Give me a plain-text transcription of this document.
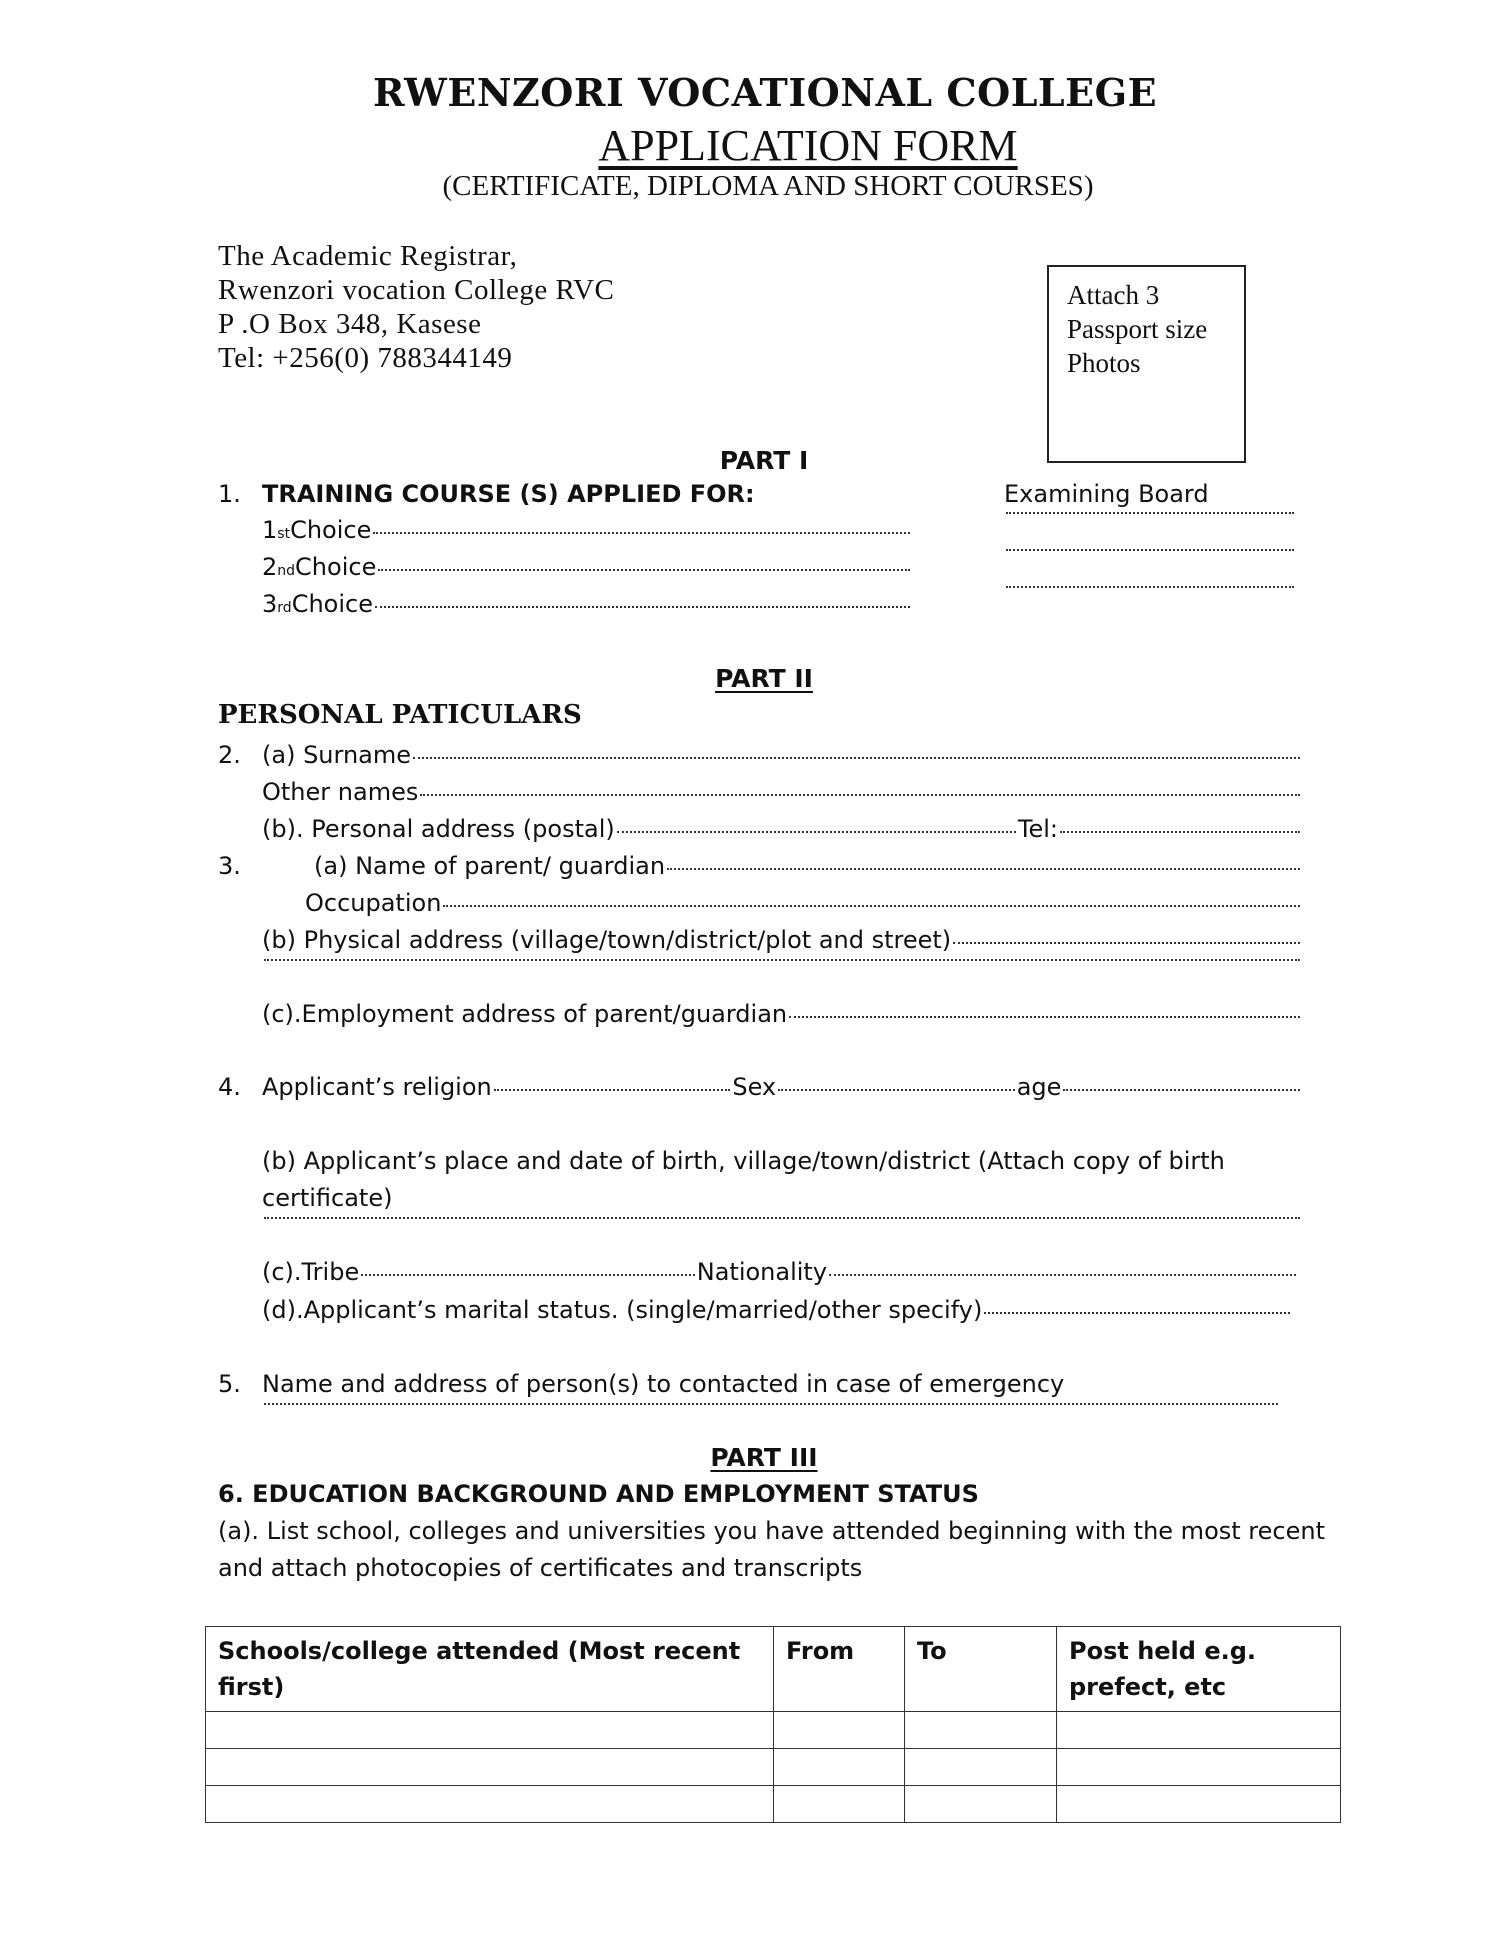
RWENZORI VOCATIONAL COLLEGE
APPLICATION FORM
(CERTIFICATE, DIPLOMA AND SHORT COURSES)
The Academic Registrar,
Rwenzori vocation College RVC
P .O Box 348, Kasese
Tel: +256(0) 788344149
Attach 3
Passport size
Photos
PART I
1. TRAINING COURSE (S) APPLIED FOR:	Examining Board
1 st Choice
2 nd Choice
3 rd Choice
PART II
PERSONAL PATICULARS
2. (a) Surname
Other names
(b). Personal address (postal)	Tel:
3.	(a) Name of parent/ guardian
Occupation
(b) Physical address (village/town/district/plot and street)
(c).Employment address of parent/guardian
4. Applicant’s religion	Sex	age
(b) Applicant’s place and date of birth, village/town/district (Attach copy of birth
certificate)
(c).Tribe	Nationality
(d).Applicant’s marital status. (single/married/other specify)
5. Name and address of person(s) to contacted in case of emergency
PART III
6. EDUCATION BACKGROUND AND EMPLOYMENT STATUS
(a). List school, colleges and universities you have attended beginning with the most recent
and attach photocopies of certificates and transcripts
Schools/college attended (Most recent first)	From	To	Post held e.g. prefect, etc
